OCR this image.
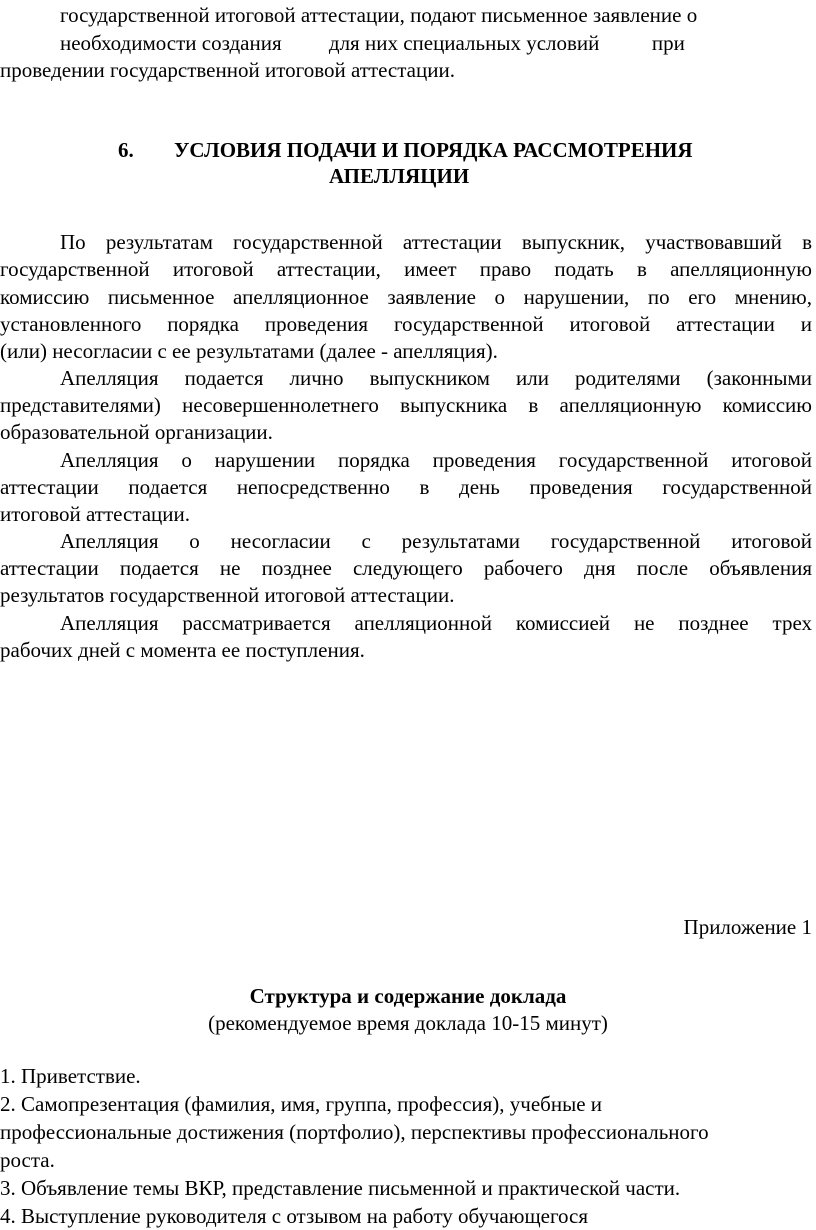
государственной итоговой аттестации, подают письменное заявление о
необходимости создания         для них специальных условий          при
проведении государственной итоговой аттестации.
6. УСЛОВИЯ ПОДАЧИ И ПОРЯДКА РАССМОТРЕНИЯ
АПЕЛЛЯЦИИ
По результатам государственной аттестации выпускник, участвовавший в
государственной итоговой аттестации, имеет право подать в апелляционную
комиссию письменное апелляционное заявление о нарушении, по его мнению,
установленного порядка проведения государственной итоговой аттестации и
(или) несогласии с ее результатами (далее - апелляция).
Апелляция подается лично выпускником или родителями (законными
представителями) несовершеннолетнего выпускника в апелляционную комиссию
образовательной организации.
Апелляция о нарушении порядка проведения государственной итоговой
аттестации подается непосредственно в день проведения государственной
итоговой аттестации.
Апелляция о несогласии с результатами государственной итоговой
аттестации подается не позднее следующего рабочего дня после объявления
результатов государственной итоговой аттестации.
Апелляция рассматривается апелляционной комиссией не позднее трех
рабочих дней с момента ее поступления.
Приложение 1
Структура и содержание доклада
(рекомендуемое время доклада 10-15 минут)
1. Приветствие.
2. Самопрезентация (фамилия, имя, группа, профессия), учебные и
профессиональные достижения (портфолио), перспективы профессионального
роста.
3. Объявление темы ВКР, представление письменной и практической части.
4. Выступление руководителя с отзывом на работу обучающегося
